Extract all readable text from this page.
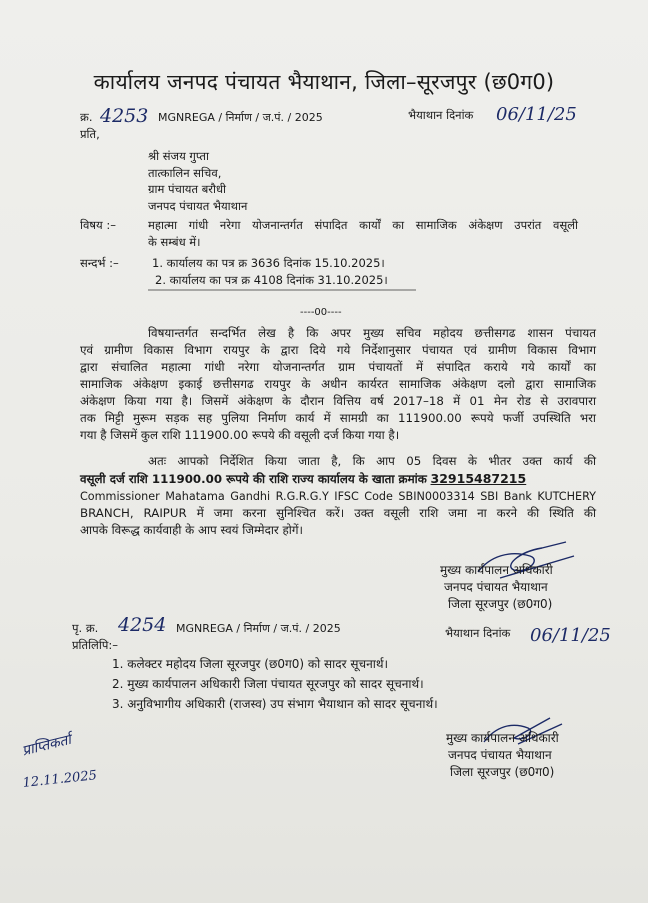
कार्यालय जनपद पंचायत भैयाथान, जिला–सूरजपुर (छ0ग0)
क्र. 4253 MGNREGA / निर्माण / ज.पं. / 2025
प्रति,
भैयाथान दिनांक 06/11/25
श्री संजय गुप्ता
तात्कालिन सचिव,
ग्राम पंचायत बरौधी
जनपद पंचायत भैयाथान
विषय :–	महात्मा गांधी नरेगा योजनान्तर्गत संपादित कार्यों का सामाजिक अंकेक्षण उपरांत वसूली
के सम्बंध में।
सन्दर्भ :–	1. कार्यालय का पत्र क्र 3636 दिनांक 15.10.2025।
2. कार्यालय का पत्र क्र 4108 दिनांक 31.10.2025।
----00----
विषयान्तर्गत सन्दर्भित लेख है कि अपर मुख्य सचिव महोदय छत्तीसगढ शासन पंचायत
एवं ग्रामीण विकास विभाग रायपुर के द्वारा दिये गये निर्देशानुसार पंचायत एवं ग्रामीण विकास विभाग
द्वारा संचालित महात्मा गांधी नरेगा योजनान्तर्गत ग्राम पंचायतों में संपादित कराये गये कार्यों का
सामाजिक अंकेक्षण इकाई छत्तीसगढ रायपुर के अधीन कार्यरत सामाजिक अंकेक्षण दलो द्वारा सामाजिक
अंकेक्षण किया गया है। जिसमें अंकेक्षण के दौरान वित्तिय वर्ष 2017–18 में 01 मेन रोड से उरावपारा
तक मिट्टी मुरूम सड़क सह पुलिया निर्माण कार्य में सामग्री का 111900.00 रूपये फर्जी उपस्थिति भरा
गया है जिसमें कुल राशि 111900.00 रूपये की वसूली दर्ज किया गया है।
अतः आपको निर्देशित किया जाता है, कि आप 05 दिवस के भीतर उक्त कार्य की
वसूली दर्ज राशि 111900.00 रूपये की राशि राज्य कार्यालय के खाता क्रमांक 32915487215
Commissioner Mahatama Gandhi R.G.R.G.Y IFSC Code SBIN0003314 SBI Bank KUTCHERY
BRANCH, RAIPUR में जमा करना सुनिश्चित करें। उक्त वसूली राशि जमा ना करने की स्थिति की
आपके विरूद्ध कार्यवाही के आप स्वयं जिम्मेदार होगें।
मुख्य कार्यपालन अधिकारी
जनपद पंचायत भैयाथान
जिला सूरजपुर (छ0ग0)
पृ. क्र. 4254 MGNREGA / निर्माण / ज.पं. / 2025
प्रतिलिपि:–
भैयाथान दिनांक 06/11/25
1. कलेक्टर महोदय जिला सूरजपुर (छ0ग0) को सादर सूचनार्थ।
2. मुख्य कार्यपालन अधिकारी जिला पंचायत सूरजपुर को सादर सूचनार्थ।
3. अनुविभागीय अधिकारी (राजस्व) उप संभाग भैयाथान को सादर सूचनार्थ।
मुख्य कार्यपालन अधिकारी
जनपद पंचायत भैयाथान
जिला सूरजपुर (छ0ग0)
प्राप्तिकर्ता
12.11.2025
